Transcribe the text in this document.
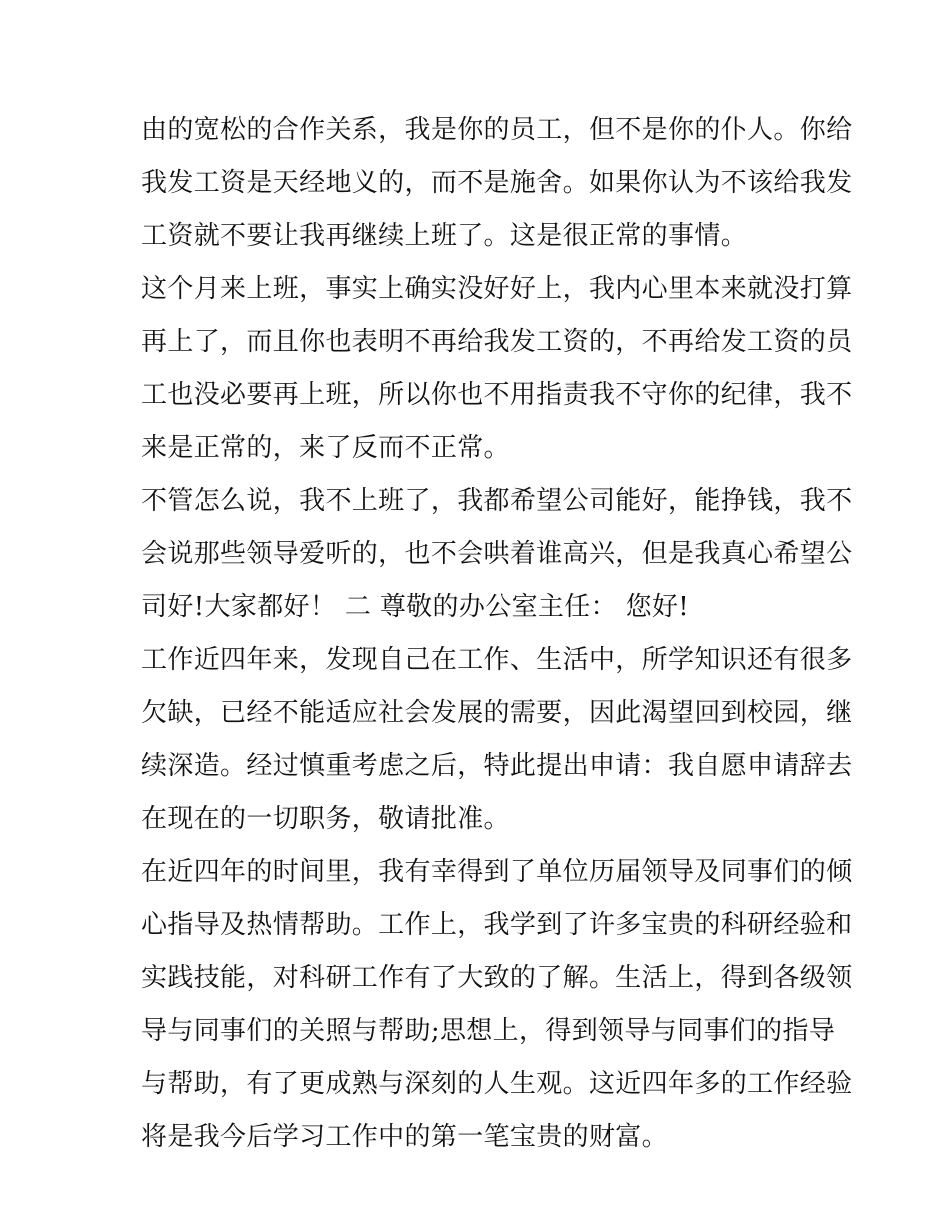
由的宽松的合作关系，我是你的员工，但不是你的仆人。你给
我发工资是天经地义的，而不是施舍。如果你认为不该给我发
工资就不要让我再继续上班了。这是很正常的事情。
这个月来上班，事实上确实没好好上，我内心里本来就没打算
再上了，而且你也表明不再给我发工资的，不再给发工资的员
工也没必要再上班，所以你也不用指责我不守你的纪律，我不
来是正常的，来了反而不正常。
不管怎么说，我不上班了，我都希望公司能好，能挣钱，我不
会说那些领导爱听的，也不会哄着谁高兴，但是我真心希望公
司好!大家都好！ 二 尊敬的办公室主任： 您好!
工作近四年来，发现自己在工作、生活中，所学知识还有很多
欠缺，已经不能适应社会发展的需要，因此渴望回到校园，继
续深造。经过慎重考虑之后，特此提出申请：我自愿申请辞去
在现在的一切职务，敬请批准。
在近四年的时间里，我有幸得到了单位历届领导及同事们的倾
心指导及热情帮助。工作上，我学到了许多宝贵的科研经验和
实践技能，对科研工作有了大致的了解。生活上，得到各级领
导与同事们的关照与帮助;思想上，得到领导与同事们的指导
与帮助，有了更成熟与深刻的人生观。这近四年多的工作经验
将是我今后学习工作中的第一笔宝贵的财富。
